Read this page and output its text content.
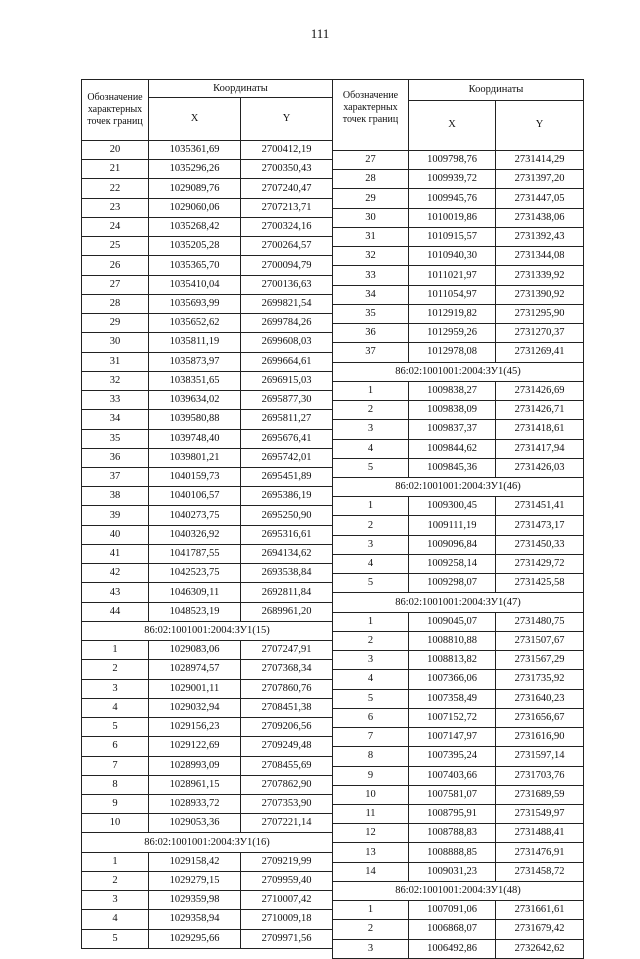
111
Обозначение характерных точек границ	Координаты	
	X	Y
20	1035361,69	2700412,19
21	1035296,26	2700350,43
22	1029089,76	2707240,47
23	1029060,06	2707213,71
24	1035268,42	2700324,16
25	1035205,28	2700264,57
26	1035365,70	2700094,79
27	1035410,04	2700136,63
28	1035693,99	2699821,54
29	1035652,62	2699784,26
30	1035811,19	2699608,03
31	1035873,97	2699664,61
32	1038351,65	2696915,03
33	1039634,02	2695877,30
34	1039580,88	2695811,27
35	1039748,40	2695676,41
36	1039801,21	2695742,01
37	1040159,73	2695451,89
38	1040106,57	2695386,19
39	1040273,75	2695250,90
40	1040326,92	2695316,61
41	1041787,55	2694134,62
42	1042523,75	2693538,84
43	1046309,11	2692811,84
44	1048523,19	2689961,20
86:02:1001001:2004:ЗУ1(15)		
1	1029083,06	2707247,91
2	1028974,57	2707368,34
3	1029001,11	2707860,76
4	1029032,94	2708451,38
5	1029156,23	2709206,56
6	1029122,69	2709249,48
7	1028993,09	2708455,69
8	1028961,15	2707862,90
9	1028933,72	2707353,90
10	1029053,36	2707221,14
86:02:1001001:2004:ЗУ1(16)		
1	1029158,42	2709219,99
2	1029279,15	2709959,40
3	1029359,98	2710007,42
4	1029358,94	2710009,18
5	1029295,66	2709971,56
Обозначение характерных точек границ	Координаты	
	X	Y
27	1009798,76	2731414,29
28	1009939,72	2731397,20
29	1009945,76	2731447,05
30	1010019,86	2731438,06
31	1010915,57	2731392,43
32	1010940,30	2731344,08
33	1011021,97	2731339,92
34	1011054,97	2731390,92
35	1012919,82	2731295,90
36	1012959,26	2731270,37
37	1012978,08	2731269,41
86:02:1001001:2004:ЗУ1(45)		
1	1009838,27	2731426,69
2	1009838,09	2731426,71
3	1009837,37	2731418,61
4	1009844,62	2731417,94
5	1009845,36	2731426,03
86:02:1001001:2004:ЗУ1(46)		
1	1009300,45	2731451,41
2	1009111,19	2731473,17
3	1009096,84	2731450,33
4	1009258,14	2731429,72
5	1009298,07	2731425,58
86:02:1001001:2004:ЗУ1(47)		
1	1009045,07	2731480,75
2	1008810,88	2731507,67
3	1008813,82	2731567,29
4	1007366,06	2731735,92
5	1007358,49	2731640,23
6	1007152,72	2731656,67
7	1007147,97	2731616,90
8	1007395,24	2731597,14
9	1007403,66	2731703,76
10	1007581,07	2731689,59
11	1008795,91	2731549,97
12	1008788,83	2731488,41
13	1008888,85	2731476,91
14	1009031,23	2731458,72
86:02:1001001:2004:ЗУ1(48)		
1	1007091,06	2731661,61
2	1006868,07	2731679,42
3	1006492,86	2732642,62
